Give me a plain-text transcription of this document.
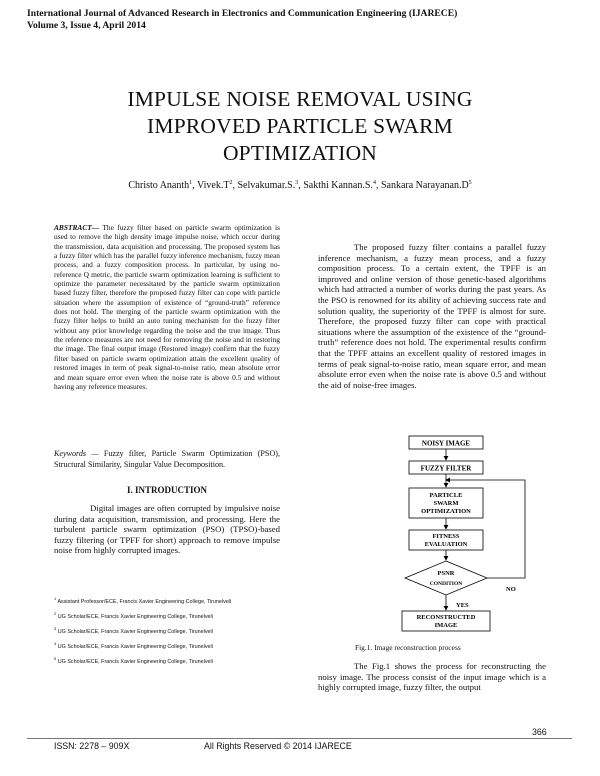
International Journal of Advanced Research in Electronics and Communication Engineering (IJARECE)
Volume 3, Issue 4, April 2014
IMPULSE NOISE REMOVAL USING
IMPROVED PARTICLE SWARM
OPTIMIZATION
Christo Ananth$^1$, $Vivek.T^2$, Selvakumar.S.$^3$, Sakthi Kannan.S.$^4$, Sankara $Narayanan.D^5$
ABSTRACT— The fuzzy filter based on particle swarm optimization is used to remove the high density image impulse noise, which occur during the transmission, data acquisition and processing. The proposed system has a fuzzy filter which has the parallel fuzzy inference mechanism, fuzzy mean process, and a fuzzy composition process. In particular, by using no-reference Q metric, the particle swarm optimization learning is sufficient to optimize the parameter necessitated by the particle swarm optimization based fuzzy filter, therefore the proposed fuzzy filter can cope with particle situation where the assumption of existence of “ground-truth” reference does not hold. The merging of the particle swarm optimization with the fuzzy filter helps to build an auto tuning mechanism for the fuzzy filter without any prior knowledge regarding the noise and the true image. Thus the reference measures are not need for removing the noise and in restoring the image. The final output image (Restored image) confirm that the fuzzy filter based on particle swarm optimization attain the excellent quality of restored images in term of peak signal-to-noise ratio, mean absolute error and mean square error even when the noise rate is above 0.5 and without having any reference measures.
Keywords — Fuzzy filter, Particle Swarm Optimization (PSO), Structural Similarity, Singular Value Decomposition.
I. INTRODUCTION
Digital images are often corrupted by impulsive noise during data acquisition, transmission, and processing. Here the turbulent particle swarm optimization (PSO) (TPSO)-based fuzzy filtering (or TPFF for short) approach to remove impulse noise from highly corrupted images.

$^1$ Assistant Professor/ECE, Francis Xavier Engineering College, Tirunelveli

$^2$ UG Scholar/ECE, Francis Xavier Engineering College, Tirunelveli

$^3$ UG Scholar/ECE, Francis Xavier Engineering College, Tirunelveli

$^4$ UG Scholar/ECE, Francis Xavier Engineering College, Tirunelveli

$^5$ UG Scholar/ECE, Francis Xavier Engineering College, Tirunelveli

The proposed fuzzy filter contains a parallel fuzzy inference mechanism, a fuzzy mean process, and a fuzzy composition process. To a certain extent, the TPFF is an improved and online version of those genetic-based algorithms which had attracted a number of works during the past years. As the PSO is renowned for its ability of achieving success rate and solution quality, the superiority of the TPFF is almost for sure. Therefore, the proposed fuzzy filter can cope with practical situations where the assumption of the existence of the “ground-truth” reference does not hold. The experimental results confirm that the TPFF attains an excellent quality of restored images in terms of peak signal-to-noise ratio, mean square error, and mean absolute error even when the noise rate is above 0.5 and without the aid of noise-free images.
NOISY IMAGE
FUZZY FILTER
PARTICLE
SWARM
OPTIMIZATION
FITNESS
EVALUATION
PSNR
CONDITION
NO
YES
RECONSTRUCTED
IMAGE
Fig.1. Image reconstruction process
The Fig.1 shows the process for reconstructing the noisy image. The process consist of the input image which is a highly corrupted image, fuzzy filter, the output
366
ISSN: 2278 – 909X	All Rights Reserved © 2014 IJARECE
